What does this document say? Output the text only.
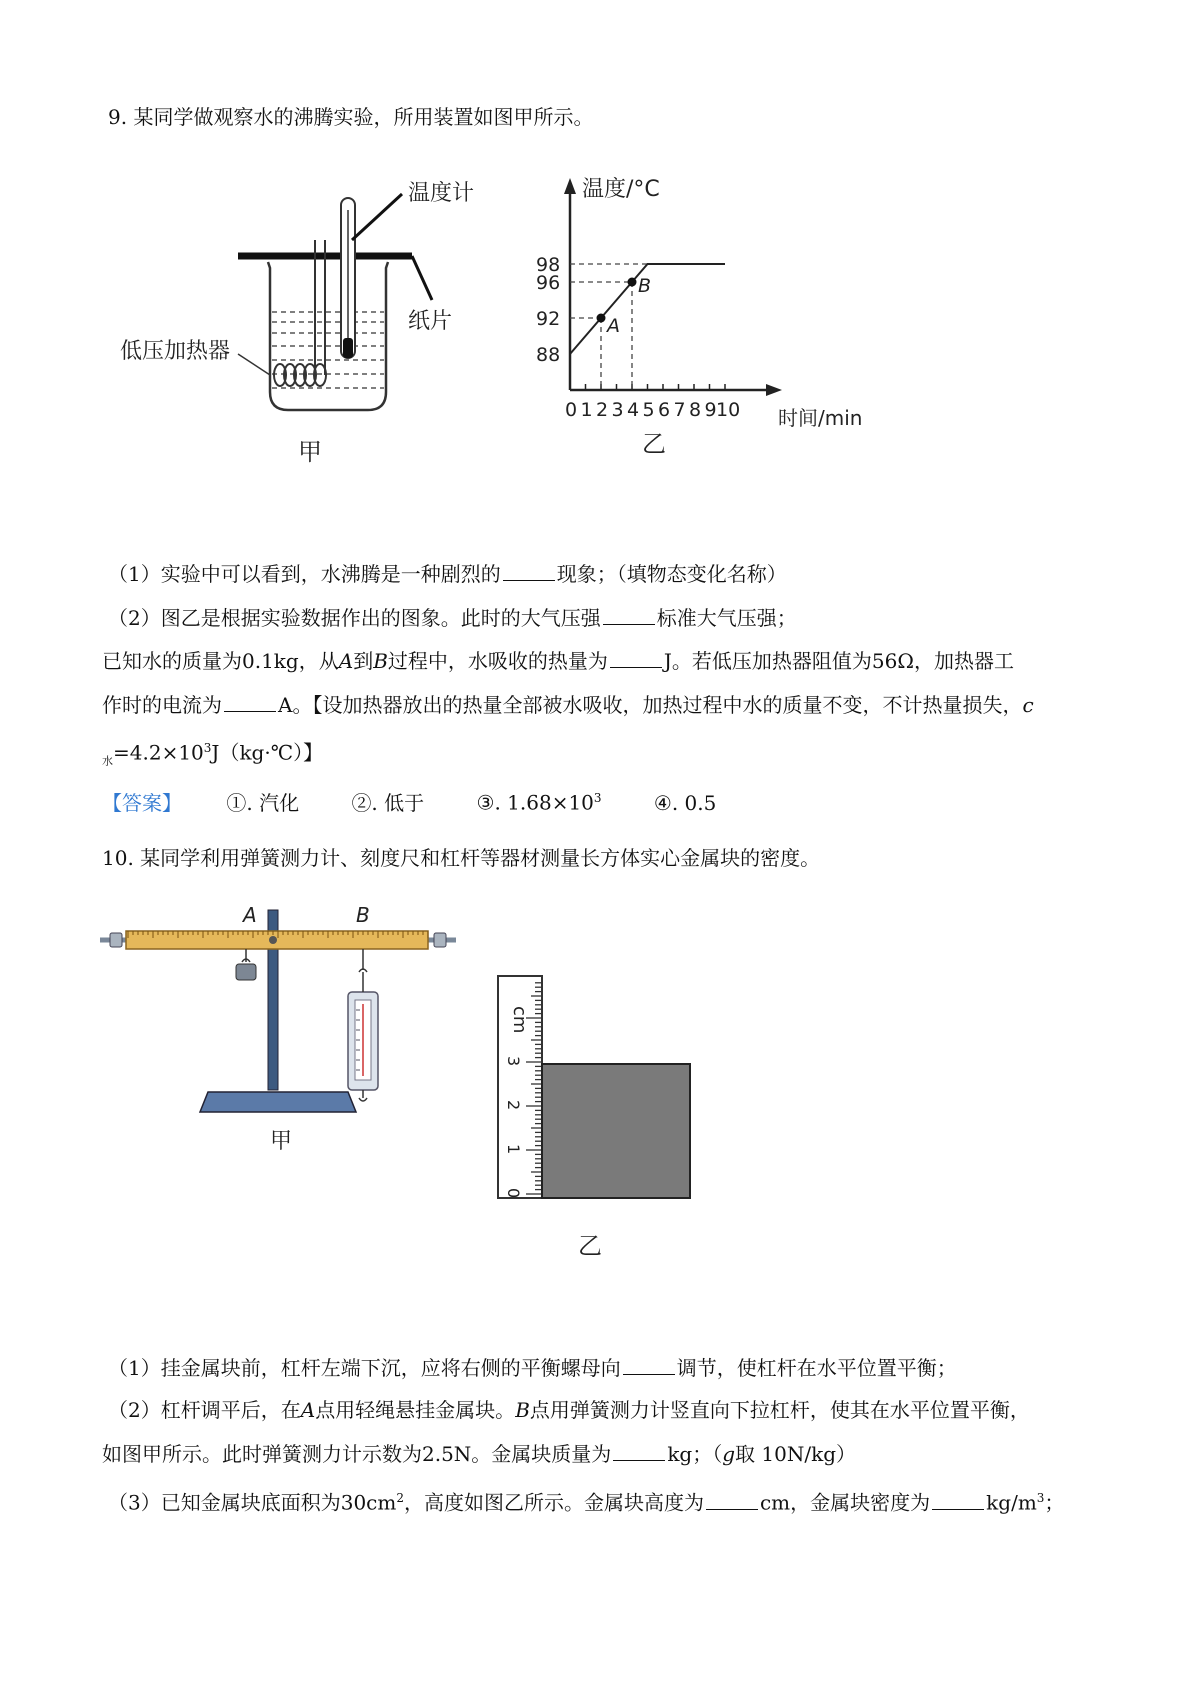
9. 某同学做观察水的沸腾实验，所用装置如图甲所示。
温度计
纸片
低压加热器
甲
0 1 2 3 4 5 6 7 8 9 10
88
92
96
98
A
B
温度/°C
时间/min
乙
（1）实验中可以看到，水沸腾是一种剧烈的	现象；（填物态变化名称）
（2）图乙是根据实验数据作出的图象。此时的大气压强	标准大气压强；
已知水的质量为0.1kg，从A到B过程中，水吸收的热量为	J。若低压加热器阻值为56Ω，加热器工
作时的电流为	A。【设加热器放出的热量全部被水吸收，加热过程中水的质量不变，不计热量损失，c
$_水=4.2\times 10^3J(kg\cdot℃)$】
【答案】 ①. 汽化	②. 低于	③. $1.68\times 10^3$	④. 0.5
10. 某同学利用弹簧测力计、刻度尺和杠杆等器材测量长方体实心金属块的密度。
A	B
甲
0
1
2
3
cm
乙
（1）挂金属块前，杠杆左端下沉，应将右侧的平衡螺母向	调节，使杠杆在水平位置平衡；
（2）杠杆调平后，在A点用轻绳悬挂金属块。B点用弹簧测力计竖直向下拉杠杆，使其在水平位置平衡，
如图甲所示。此时弹簧测力计示数为2.5N。金属块质量为	kg；（g取 10N/kg）
（3）已知金属块底面积为$30cm^2$，高度如图乙所示。金属块高度为	cm，金属块密度为	$kg/m^3$；
